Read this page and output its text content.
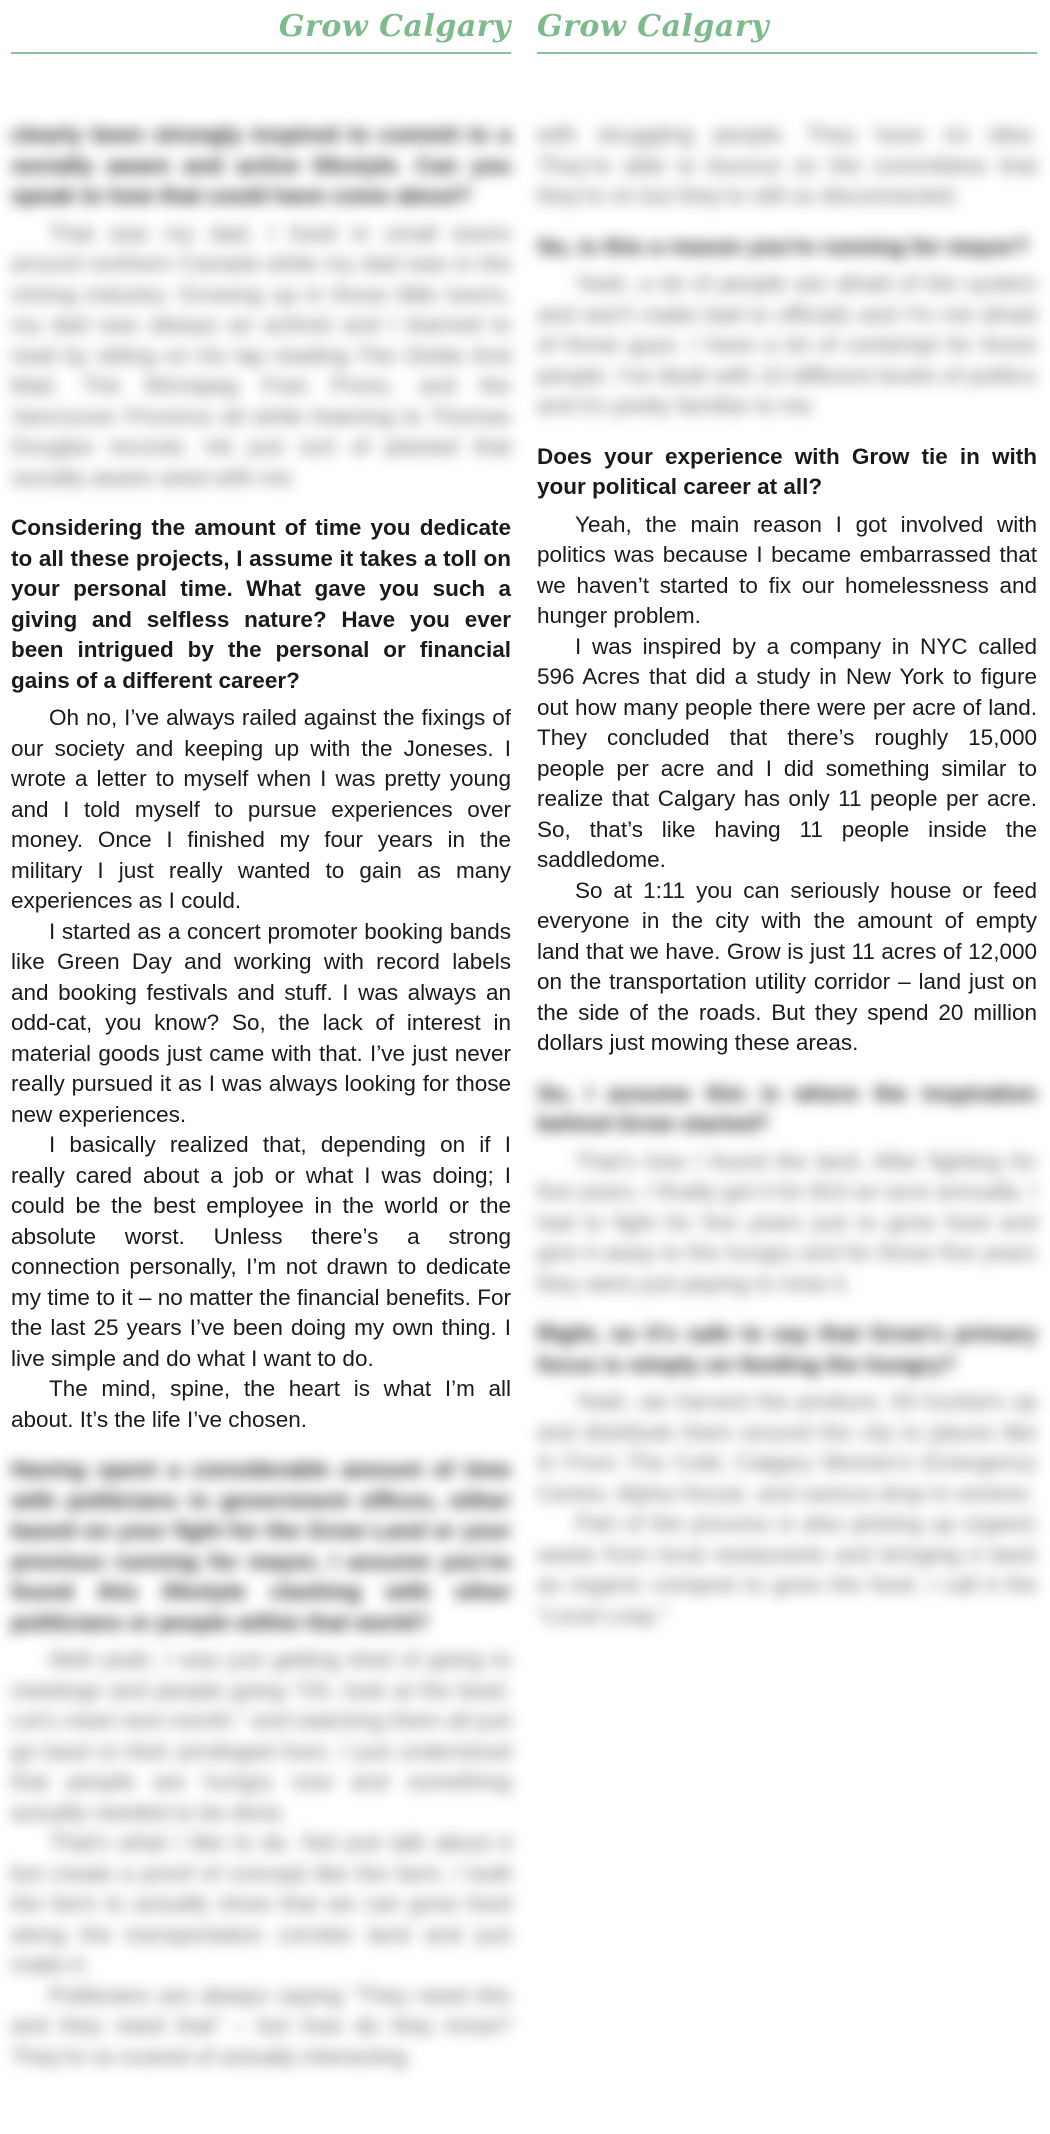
Grow Calgary

clearly been strongly inspired to commit to a socially aware and active lifestyle. Can you speak to how that could have come about?

That was my dad, I lived in small towns around northern Canada while my dad was in the mining industry. Growing up in those little towns, my dad was always an activist and I learned to read by sitting on his lap reading The Globe And Mail, The Winnipeg Free Press, and the Vancouver Province all while listening to Thomas Douglas records. He just sort of planted that socially aware seed with me.

Considering the amount of time you dedicate to all these projects, I assume it takes a toll on your personal time. What gave you such a giving and selfless nature? Have you ever been intrigued by the personal or financial gains of a different career?

Oh no, I’ve always railed against the fixings of our society and keeping up with the Joneses. I wrote a letter to myself when I was pretty young and I told myself to pursue experiences over money. Once I finished my four years in the military I just really wanted to gain as many experiences as I could.

I started as a concert promoter booking bands like Green Day and working with record labels and booking festivals and stuff. I was always an odd-cat, you know? So, the lack of interest in material goods just came with that. I’ve just never really pursued it as I was always looking for those new experiences.

I basically realized that, depending on if I really cared about a job or what I was doing; I could be the best employee in the world or the absolute worst. Unless there’s a strong connection personally, I’m not drawn to dedicate my time to it – no matter the financial benefits. For the last 25 years I’ve been doing my own thing. I live simple and do what I want to do.

The mind, spine, the heart is what I’m all about. It’s the life I’ve chosen.

Having spent a considerable amount of time with politicians in government offices, either based on your fight for the Grow Land or your previous running for mayor, I assume you've found this lifestyle clashing with other politicians or people within that world?

Well yeah, I was just getting tired of going to meetings and people going “Oh, look at the bowl. Let's meet next month.” and watching them all just go back to their privileged lives. I just understood that people are hungry now and something actually needed to be done.

That's what I like to do. Not just talk about it but create a proof of concept like the farm. I built the farm to actually show that we can grow food along the transportation corridor land and just make it.

Politicians are always saying “They need this and they need that” – but how do they know? They're so scared of actually interacting

Grow Calgary

with struggling people. They have no idea. They're able to bounce on the committees that they're on but they're still so disconnected.

So, is this a reason you're running for mayor?

Yeah, a lot of people are afraid of the system and won't make bad to officials and I'm not afraid of those guys. I have a lot of contempt for those people. I've dealt with 10 different levels of politics and it's pretty familiar to me.

Does your experience with Grow tie in with your political career at all?

Yeah, the main reason I got involved with politics was because I became embarrassed that we haven’t started to fix our homelessness and hunger problem.

I was inspired by a company in NYC called 596 Acres that did a study in New York to figure out how many people there were per acre of land. They concluded that there’s roughly 15,000 people per acre and I did something similar to realize that Calgary has only 11 people per acre. So, that’s like having 11 people inside the saddledome.

So at 1:11 you can seriously house or feed everyone in the city with the amount of empty land that we have. Grow is just 11 acres of 12,000 on the transportation utility corridor – land just on the side of the roads. But they spend 20 million dollars just mowing these areas.

So, I assume this is where the inspiration behind Grow started?

That's how I found the land. After fighting for five years, I finally got it for $10 an acre annually. I had to fight for five years just to grow food and give it away to the hungry and for those five years they were just paying to mow it.

Right, so it's safe to say that Grow's primary focus is simply on feeding the hungry?

Yeah, we harvest the produce, 50 truckers up and distribute them around the city to places like In From The Cold, Calgary Women's Emergency Centre, Alpha House, and various drop in centres.

Part of the process is also picking up organic waste from local restaurants and bringing it back as organic compost to grow the food. I call it the “Local Loop.”
